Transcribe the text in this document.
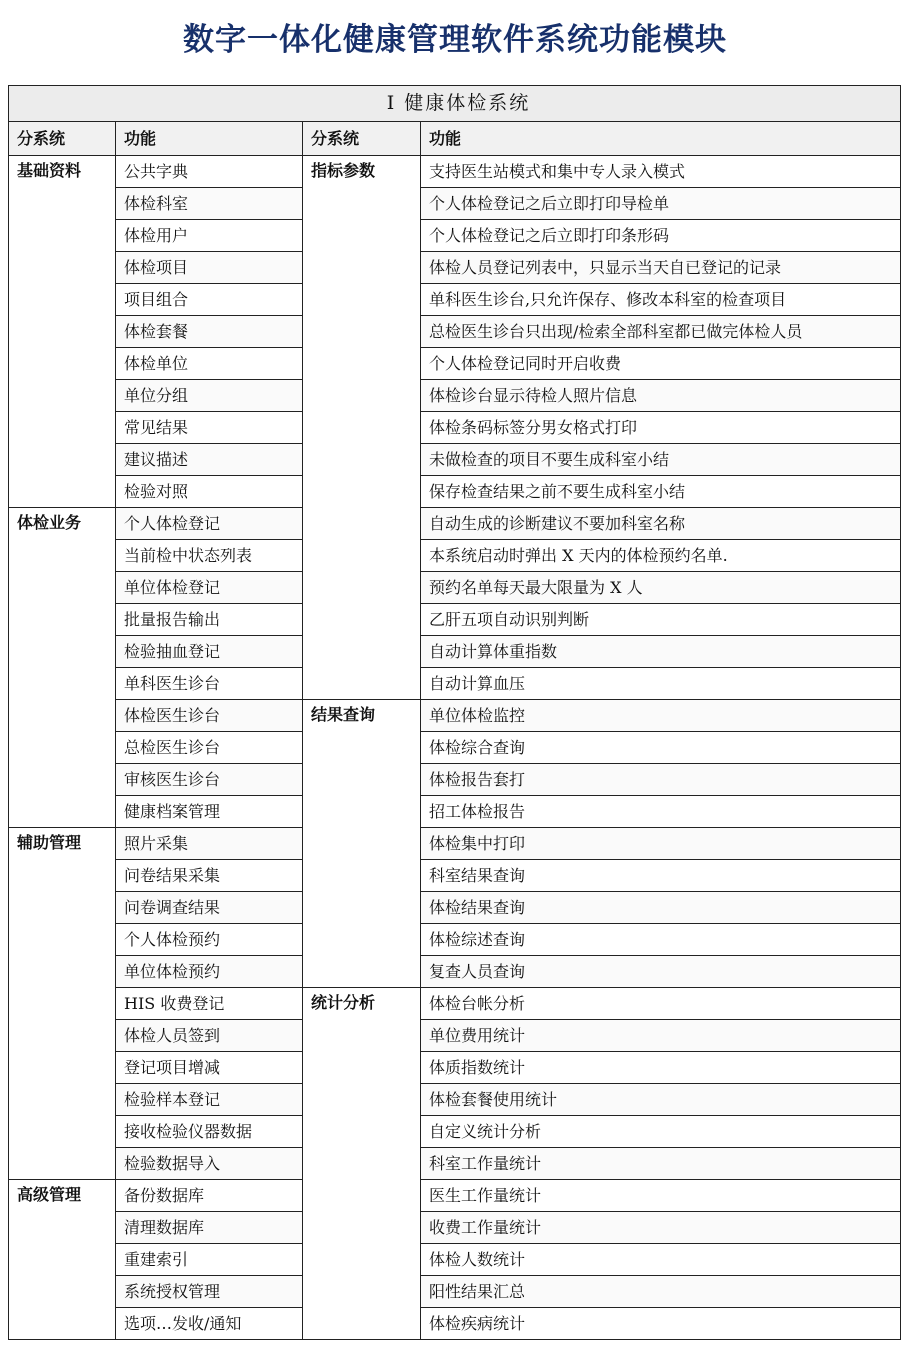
数字一体化健康管理软件系统功能模块
I 健康体检系统			
分系统	功能	分系统	功能
基础资料	公共字典	指标参数	支持医生站模式和集中专人录入模式
	体检科室		个人体检登记之后立即打印导检单
	体检用户		个人体检登记之后立即打印条形码
	体检项目		体检人员登记列表中，只显示当天自已登记的记录
	项目组合		单科医生诊台,只允许保存、修改本科室的检查项目
	体检套餐		总检医生诊台只出现/检索全部科室都已做完体检人员
	体检单位		个人体检登记同时开启收费
	单位分组		体检诊台显示待检人照片信息
	常见结果		体检条码标签分男女格式打印
	建议描述		未做检查的项目不要生成科室小结
	检验对照		保存检查结果之前不要生成科室小结
体检业务	个人体检登记		自动生成的诊断建议不要加科室名称
	当前检中状态列表		本系统启动时弹出 X 天内的体检预约名单.
	单位体检登记		预约名单每天最大限量为 X 人
	批量报告输出		乙肝五项自动识别判断
	检验抽血登记		自动计算体重指数
	单科医生诊台		自动计算血压
	体检医生诊台	结果查询	单位体检监控
	总检医生诊台		体检综合查询
	审核医生诊台		体检报告套打
	健康档案管理		招工体检报告
辅助管理	照片采集		体检集中打印
	问卷结果采集		科室结果查询
	问卷调查结果		体检结果查询
	个人体检预约		体检综述查询
	单位体检预约		复查人员查询
	HIS 收费登记	统计分析	体检台帐分析
	体检人员签到		单位费用统计
	登记项目增减		体质指数统计
	检验样本登记		体检套餐使用统计
	接收检验仪器数据		自定义统计分析
	检验数据导入		科室工作量统计
高级管理	备份数据库		医生工作量统计
	清理数据库		收费工作量统计
	重建索引		体检人数统计
	系统授权管理		阳性结果汇总
	选项…发收/通知		体检疾病统计
